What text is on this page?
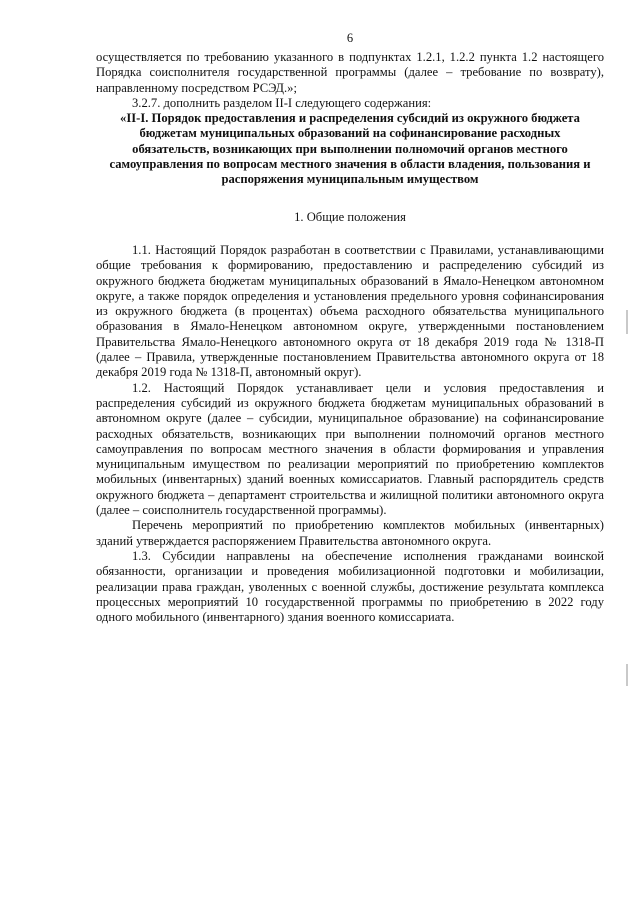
6

осуществляется по требованию указанного в подпунктах 1.2.1, 1.2.2 пункта 1.2 настоящего Порядка соисполнителя государственной программы (далее – требование по возврату), направленному посредством РСЭД.»;

3.2.7. дополнить разделом II-I следующего содержания:

«II-I. Порядок предоставления и распределения субсидий из окружного бюджета бюджетам муниципальных образований на софинансирование расходных обязательств, возникающих при выполнении полномочий органов местного самоуправления по вопросам местного значения в области владения, пользования и распоряжения муниципальным имуществом

1. Общие положения

1.1. Настоящий Порядок разработан в соответствии с Правилами, устанавливающими общие требования к формированию, предоставлению и распределению субсидий из окружного бюджета бюджетам муниципальных образований в Ямало-Ненецком автономном округе, а также порядок определения и установления предельного уровня софинансирования из окружного бюджета (в процентах) объема расходного обязательства муниципального образования в Ямало-Ненецком автономном округе, утвержденными постановлением Правительства Ямало-Ненецкого автономного округа от 18 декабря 2019 года № 1318-П (далее – Правила, утвержденные постановлением Правительства автономного округа от 18 декабря 2019 года № 1318-П, автономный округ).

1.2. Настоящий Порядок устанавливает цели и условия предоставления и распределения субсидий из окружного бюджета бюджетам муниципальных образований в автономном округе (далее – субсидии, муниципальное образование) на софинансирование расходных обязательств, возникающих при выполнении полномочий органов местного самоуправления по вопросам местного значения в области формирования и управления муниципальным имуществом по реализации мероприятий по приобретению комплектов мобильных (инвентарных) зданий военных комиссариатов. Главный распорядитель средств окружного бюджета – департамент строительства и жилищной политики автономного округа (далее – соисполнитель государственной программы).

Перечень мероприятий по приобретению комплектов мобильных (инвентарных) зданий утверждается распоряжением Правительства автономного округа.

1.3. Субсидии направлены на обеспечение исполнения гражданами воинской обязанности, организации и проведения мобилизационной подготовки и мобилизации, реализации права граждан, уволенных с военной службы, достижение результата комплекса процессных мероприятий 10 государственной программы по приобретению в 2022 году одного мобильного (инвентарного) здания военного комиссариата.
